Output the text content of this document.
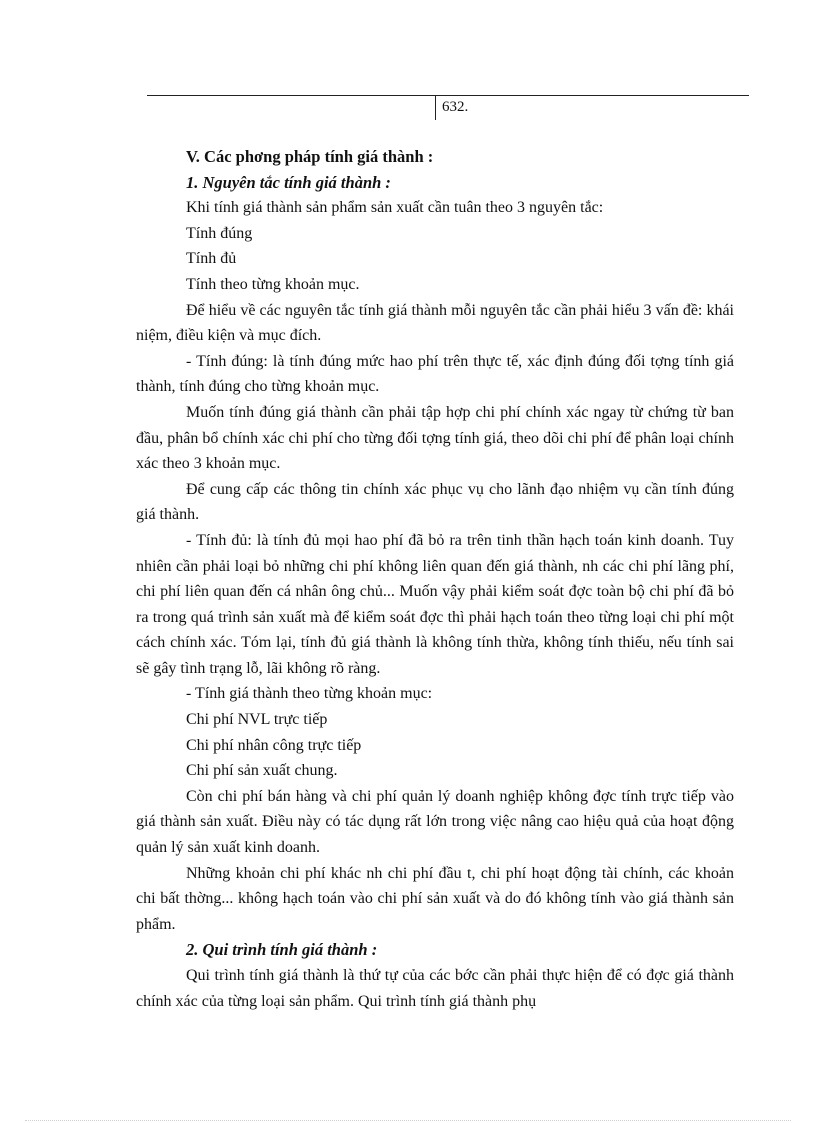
632.

V. Các phơng pháp tính giá thành :

1. Nguyên tắc tính giá thành :

Khi tính giá thành sản phẩm sản xuất cần tuân theo 3 nguyên tắc:

Tính đúng

Tính đủ

Tính theo từng khoản mục.

Để hiểu về các nguyên tắc tính giá thành mỗi nguyên tắc cần phải hiểu 3 vấn đề: khái niệm, điều kiện và mục đích.

- Tính đúng: là tính đúng mức hao phí trên thực tế, xác định đúng đối tợng tính giá thành, tính đúng cho từng khoản mục.

Muốn tính đúng giá thành cần phải tập hợp chi phí chính xác ngay từ chứng từ ban đầu, phân bổ chính xác chi phí cho từng đối tợng tính giá, theo dõi chi phí để phân loại chính xác theo 3 khoản mục.

Để cung cấp các thông tin chính xác phục vụ cho lãnh đạo nhiệm vụ cần tính đúng giá thành.

- Tính đủ: là tính đủ mọi hao phí đã bỏ ra trên tinh thần hạch toán kinh doanh. Tuy nhiên cần phải loại bỏ những chi phí không liên quan đến giá thành, nh các chi phí lãng phí, chi phí liên quan đến cá nhân ông chủ... Muốn vậy phải kiểm soát đợc toàn bộ chi phí đã bỏ ra trong quá trình sản xuất mà để kiểm soát đợc thì phải hạch toán theo từng loại chi phí một cách chính xác. Tóm lại, tính đủ giá thành là không tính thừa, không tính thiếu, nếu tính sai sẽ gây tình trạng lỗ, lãi không rõ ràng.

- Tính giá thành theo từng khoản mục:

Chi phí NVL trực tiếp

Chi phí nhân công trực tiếp

Chi phí sản xuất chung.

Còn chi phí bán hàng và chi phí quản lý doanh nghiệp không đợc tính trực tiếp vào giá thành sản xuất. Điều này có tác dụng rất lớn trong việc nâng cao hiệu quả của hoạt động quản lý sản xuất kinh doanh.

Những khoản chi phí khác nh chi phí đầu t, chi phí hoạt động tài chính, các khoản chi bất thờng... không hạch toán vào chi phí sản xuất và do đó không tính vào giá thành sản phẩm.

2. Qui trình tính giá thành :

Qui trình tính giá thành là thứ tự của các bớc cần phải thực hiện để có đợc giá thành chính xác của từng loại sản phẩm. Qui trình tính giá thành phụ
